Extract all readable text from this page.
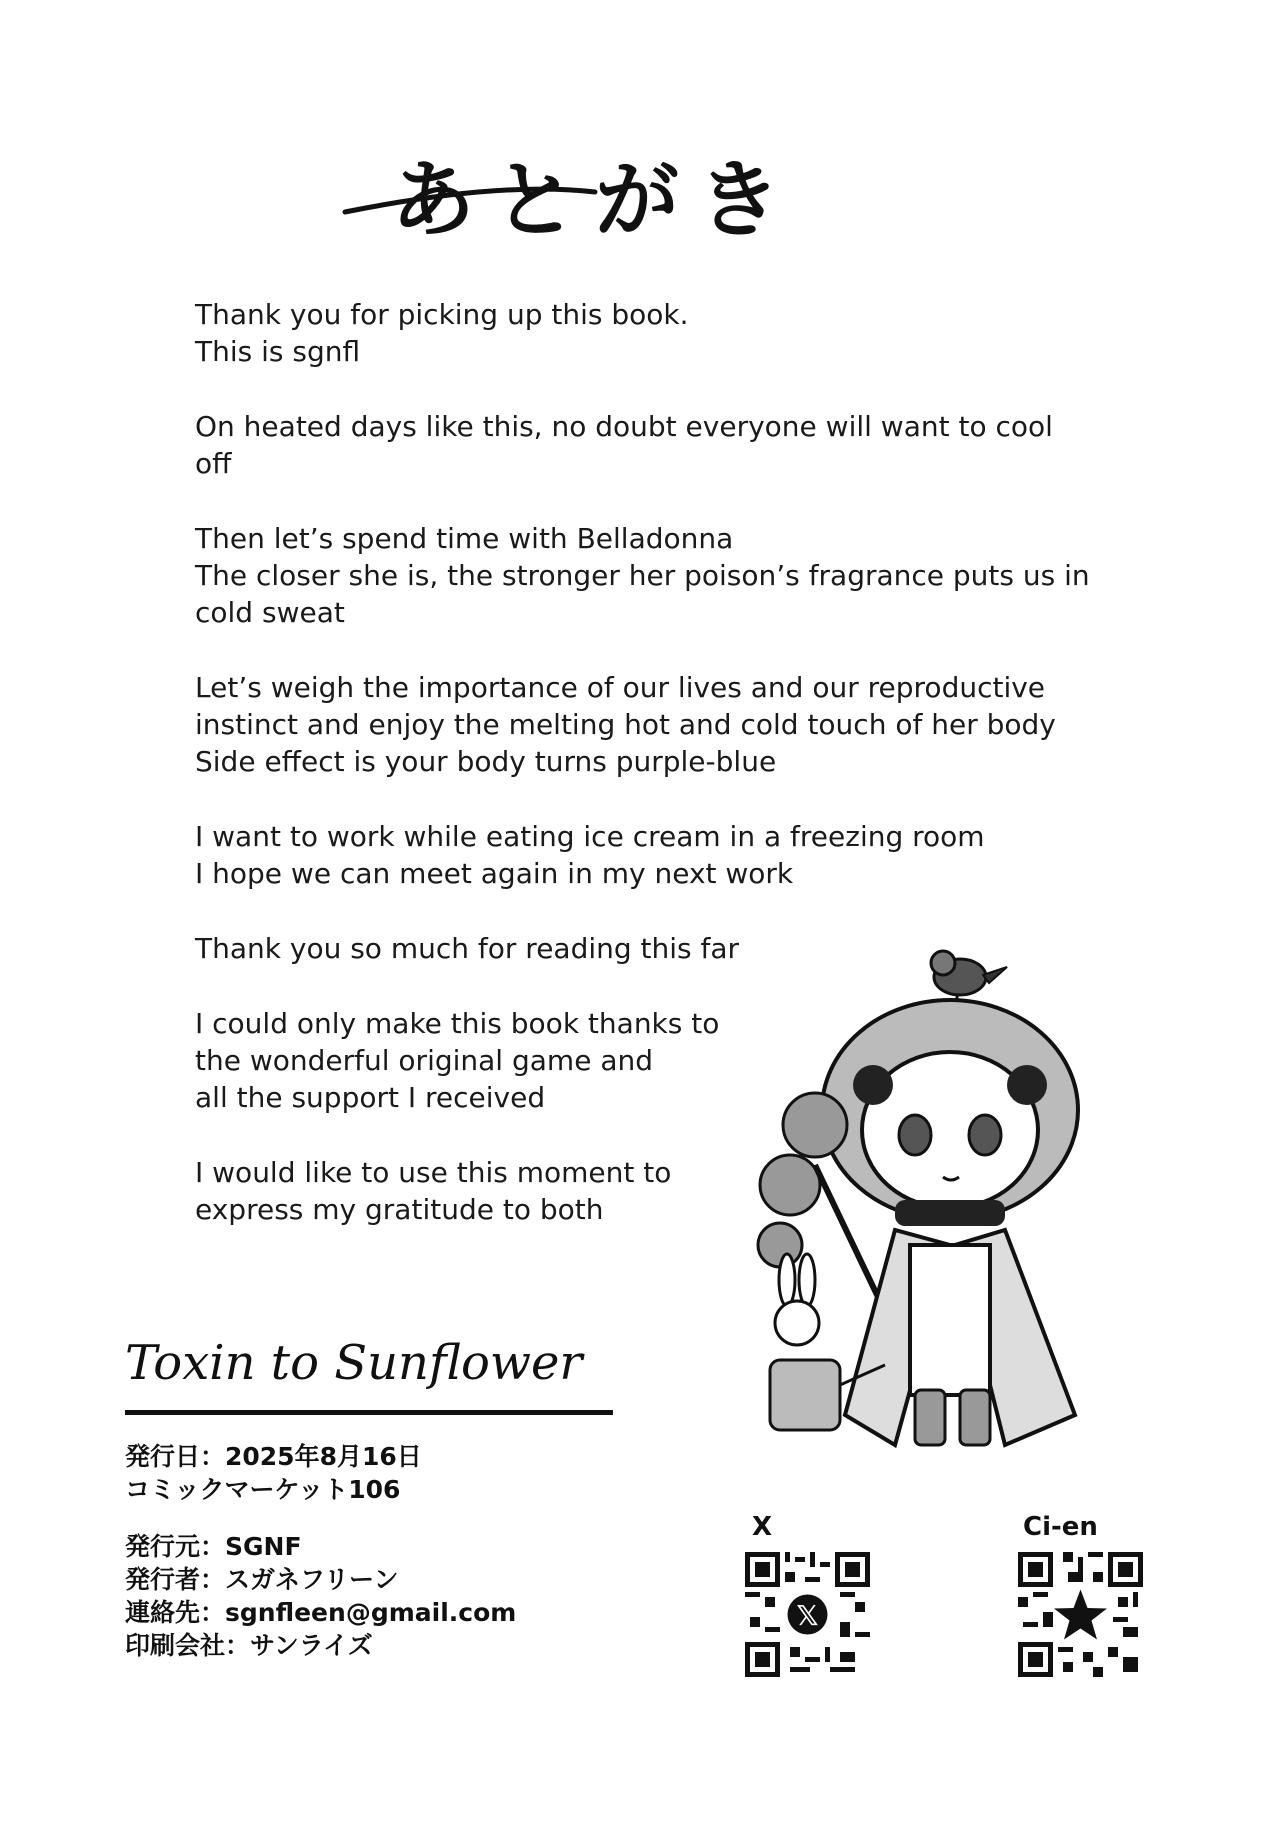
あとがき

Thank you for picking up this book.
This is sgnfl

On heated days like this, no doubt everyone will want to cool off

Then let’s spend time with Belladonna
The closer she is, the stronger her poison’s fragrance puts us in
cold sweat

Let’s weigh the importance of our lives and our reproductive
instinct and enjoy the melting hot and cold touch of her body
Side effect is your body turns purple-blue

I want to work while eating ice cream in a freezing room
I hope we can meet again in my next work

Thank you so much for reading this far

I could only make this book thanks to
the wonderful original game and
all the support I received

I would like to use this moment to
express my gratitude to both

Toxin to Sunflower
発行日：2025年8月16日
コミックマーケット106
発行元：SGNF
発行者：スガネフリーン
連絡先：sgnfleen@gmail.com
印刷会社：サンライズ
X
𝕏
Ci-en
